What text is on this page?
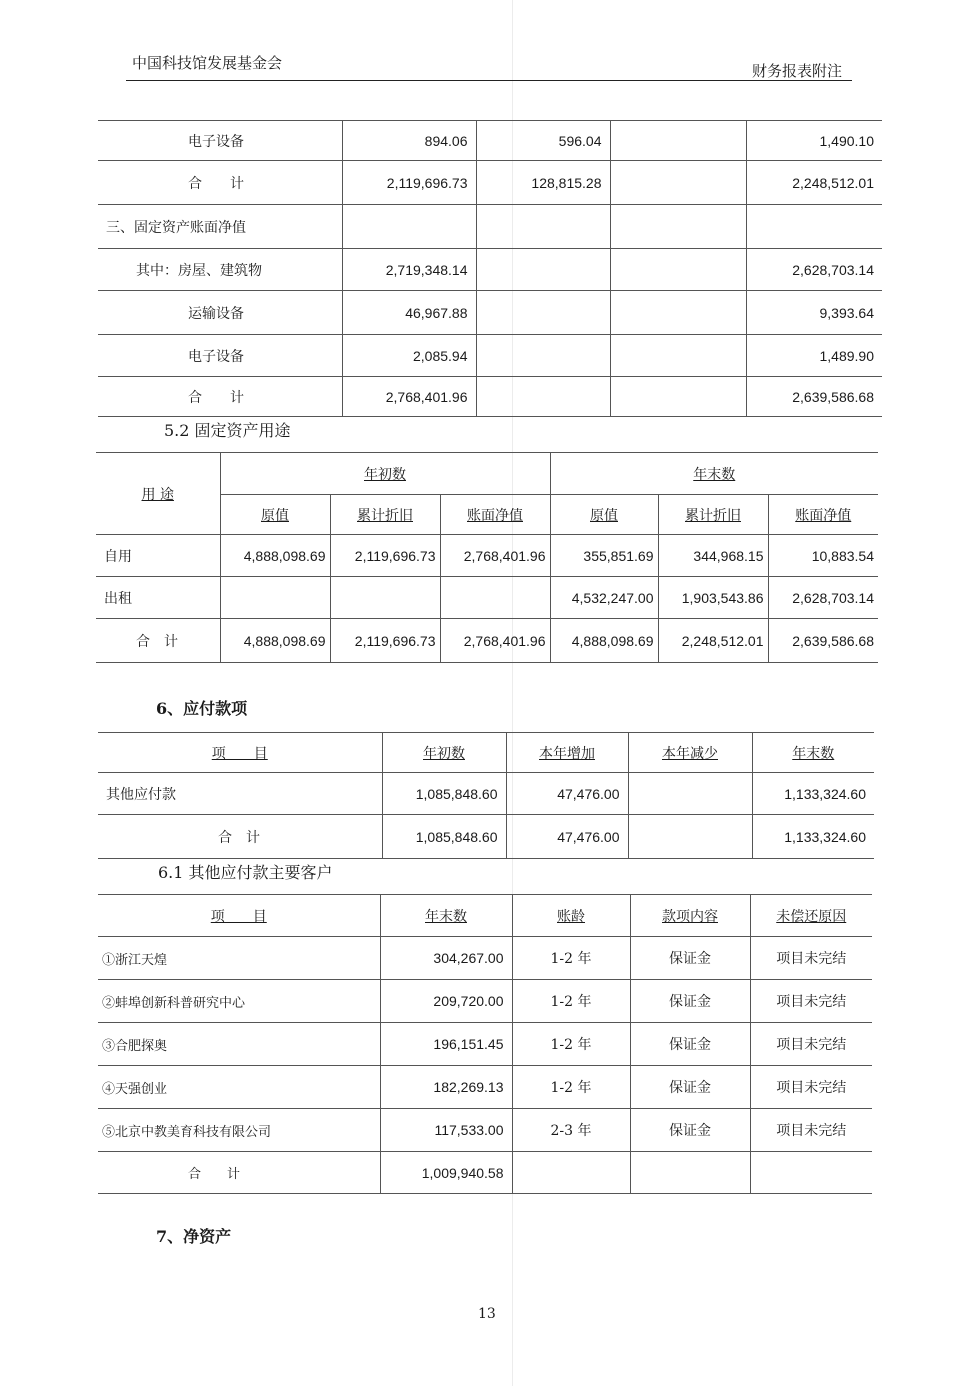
中国科技馆发展基金会	财务报表附注
电子设备	894.06	596.04		1,490.10
合　　计	2,119,696.73	128,815.28		2,248,512.01
三、固定资产账面净值				
其中：房屋、建筑物	2,719,348.14			2,628,703.14
运输设备	46,967.88			9,393.64
电子设备	2,085.94			1,489.90
合　　计	2,768,401.96			2,639,586.68
5.2 固定资产用途
用 途	年初数			年末数		
	原值	累计折旧	账面净值	原值	累计折旧	账面净值
自用	4,888,098.69	2,119,696.73	2,768,401.96	355,851.69	344,968.15	10,883.54
出租				4,532,247.00	1,903,543.86	2,628,703.14
合　计	4,888,098.69	2,119,696.73	2,768,401.96	4,888,098.69	2,248,512.01	2,639,586.68
6、应付款项
项　　目	年初数	本年增加	本年减少	年末数
其他应付款	1,085,848.60	47,476.00		1,133,324.60
合　计	1,085,848.60	47,476.00		1,133,324.60
6.1 其他应付款主要客户
项　　目	年末数	账龄	款项内容	未偿还原因
①浙江天煌	304,267.00	1-2 年	保证金	项目未完结
②蚌埠创新科普研究中心	209,720.00	1-2 年	保证金	项目未完结
③合肥探奥	196,151.45	1-2 年	保证金	项目未完结
④天强创业	182,269.13	1-2 年	保证金	项目未完结
⑤北京中教美育科技有限公司	117,533.00	2-3 年	保证金	项目未完结
合　　计	1,009,940.58			
7、净资产
13
